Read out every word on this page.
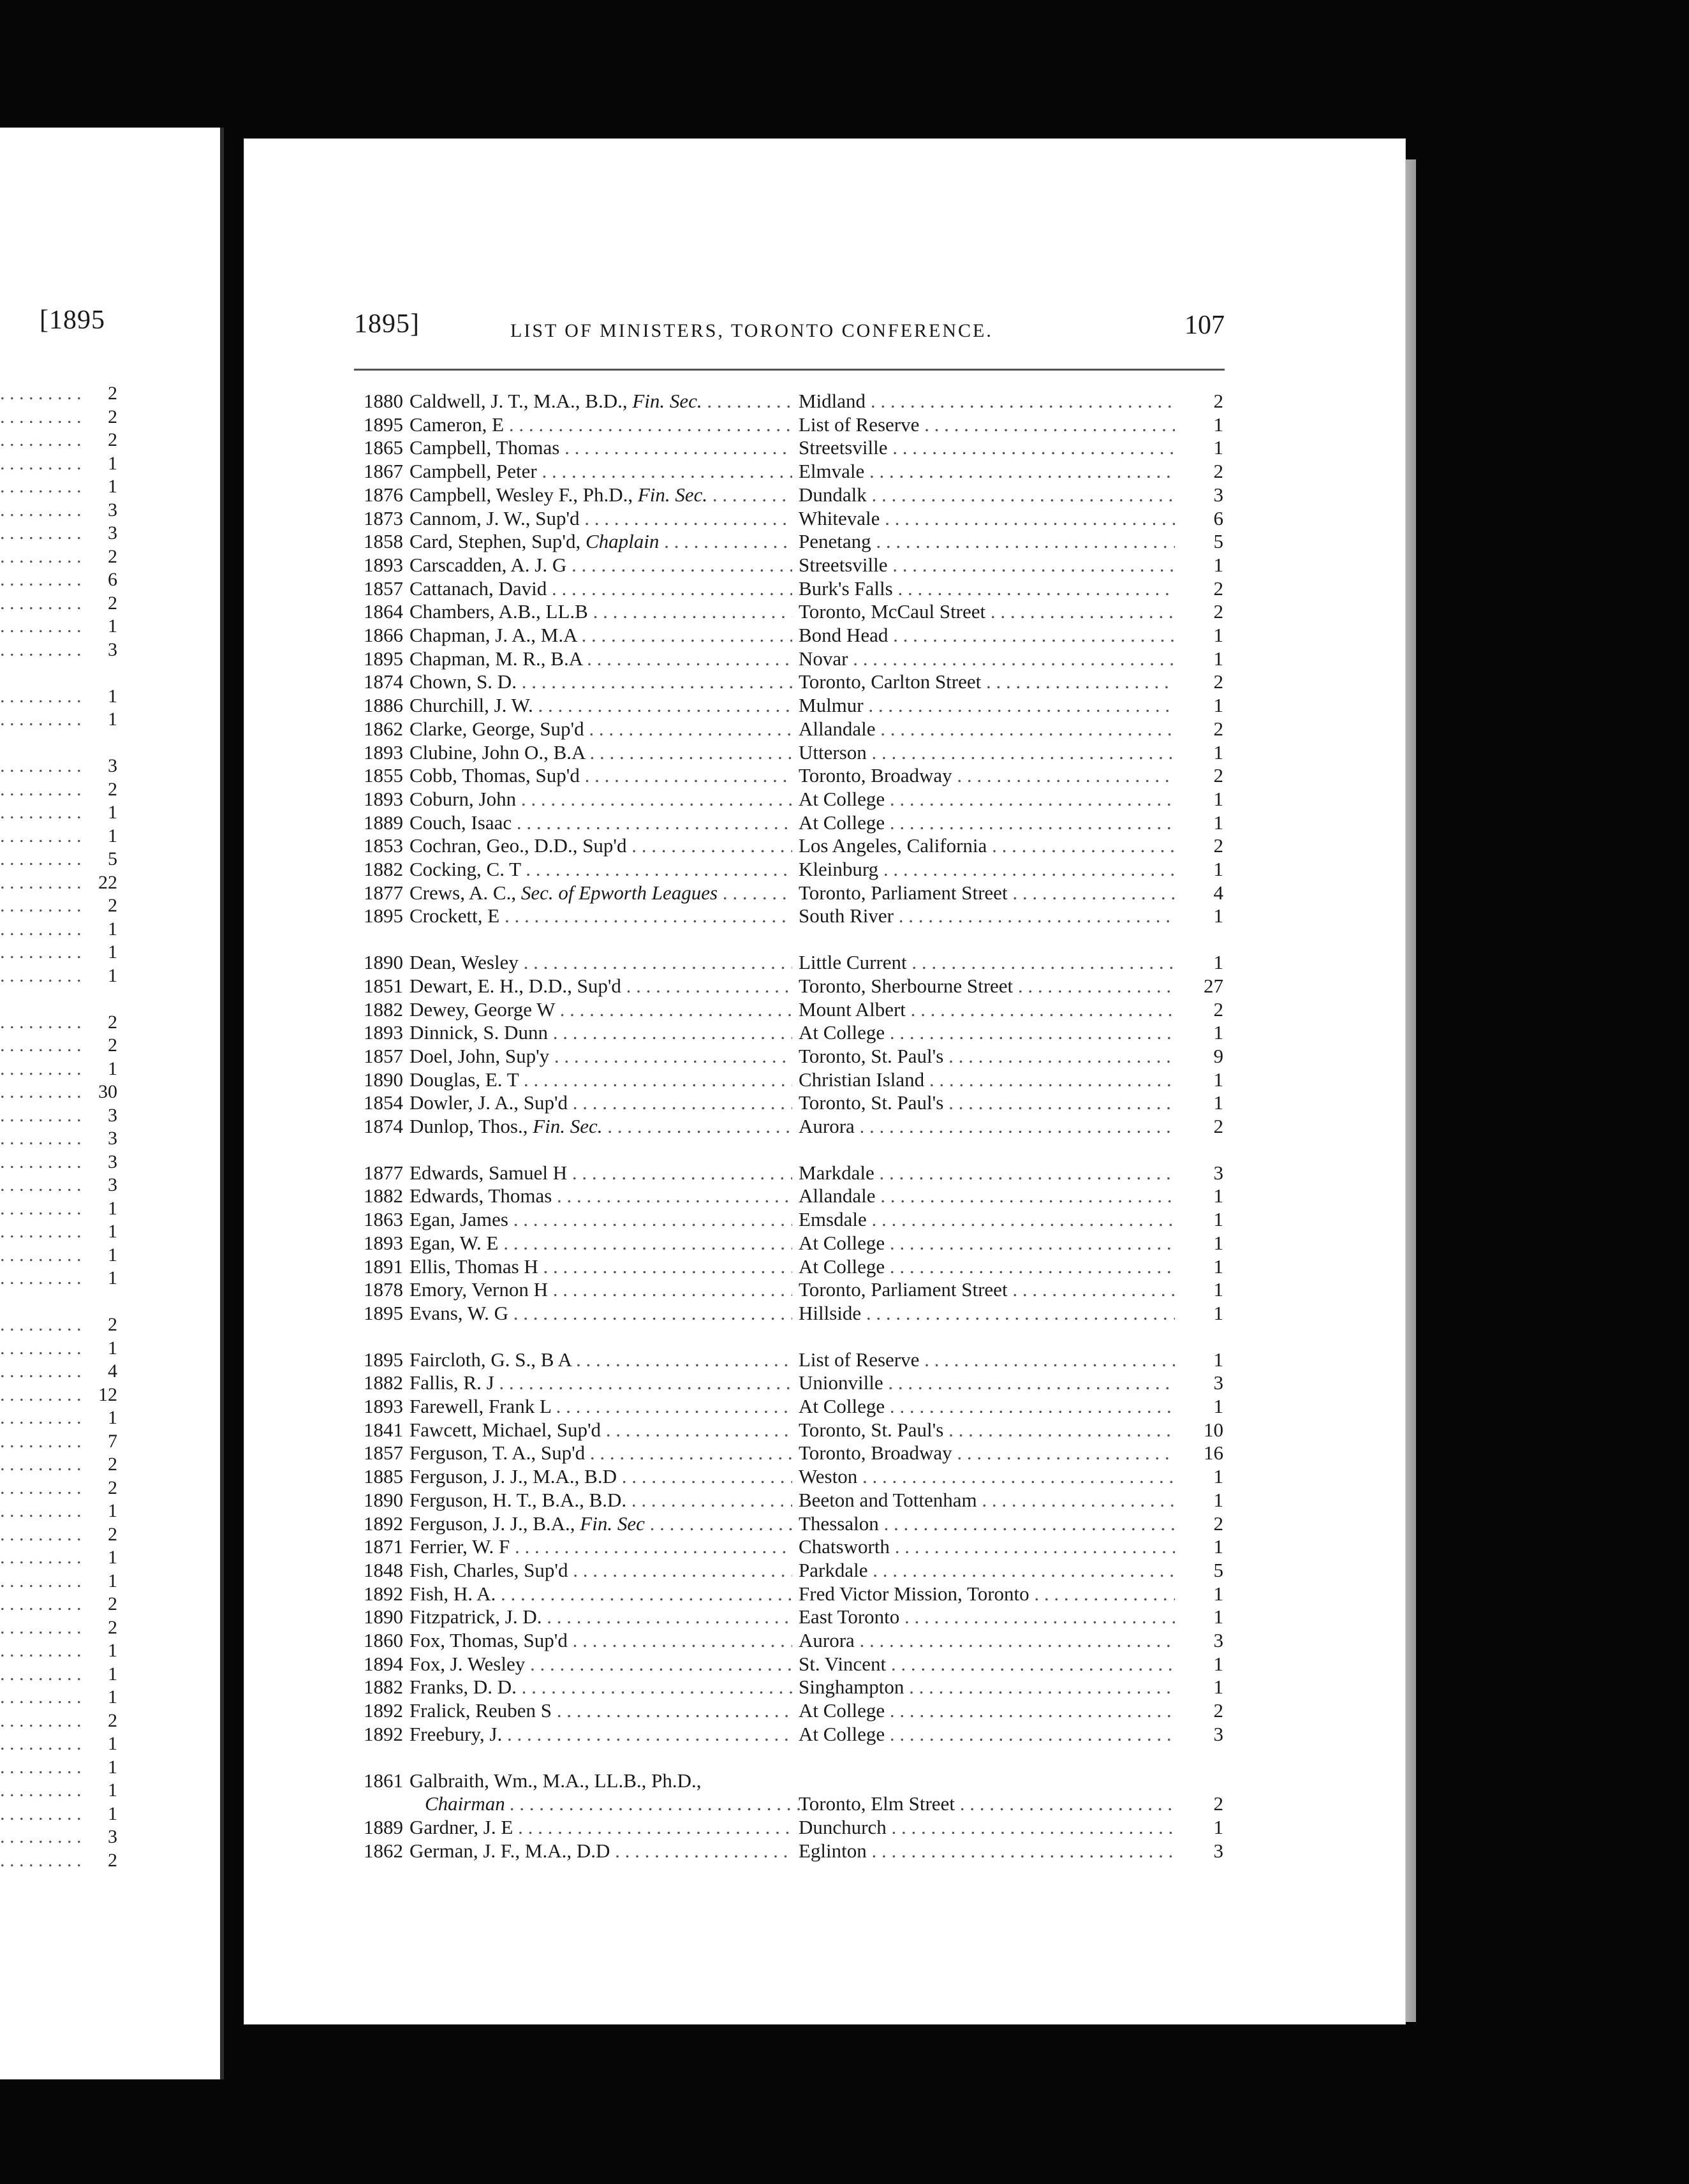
[1895
. . . . . . . . . 2
. . . . . . . . . 2
. . . . . . . . . 2
. . . . . . . . . 1
. . . . . . . . . 1
. . . . . . . . . 3
. . . . . . . . . 3
. . . . . . . . . 2
. . . . . . . . . 6
. . . . . . . . . 2
. . . . . . . . . 1
. . . . . . . . . 3
. . . . . . . . . 1
. . . . . . . . . 1
. . . . . . . . . 3
. . . . . . . . . 2
. . . . . . . . . 1
. . . . . . . . . 1
. . . . . . . . . 5
. . . . . . . . . 22
. . . . . . . . . 2
. . . . . . . . . 1
. . . . . . . . . 1
. . . . . . . . . 1
. . . . . . . . . 2
. . . . . . . . . 2
. . . . . . . . . 1
. . . . . . . . . 30
. . . . . . . . . 3
. . . . . . . . . 3
. . . . . . . . . 3
. . . . . . . . . 3
. . . . . . . . . 1
. . . . . . . . . 1
. . . . . . . . . 1
. . . . . . . . . 1
. . . . . . . . . 2
. . . . . . . . . 1
. . . . . . . . . 4
. . . . . . . . . 12
. . . . . . . . . 1
. . . . . . . . . 7
. . . . . . . . . 2
. . . . . . . . . 2
. . . . . . . . . 1
. . . . . . . . . 2
. . . . . . . . . 1
. . . . . . . . . 1
. . . . . . . . . 2
. . . . . . . . . 2
. . . . . . . . . 1
. . . . . . . . . 1
. . . . . . . . . 1
. . . . . . . . . 2
. . . . . . . . . 1
. . . . . . . . . 1
. . . . . . . . . 1
. . . . . . . . . 1
. . . . . . . . . 3
. . . . . . . . . 2
1895]	LIST OF MINISTERS, TORONTO CONFERENCE.	107
1880 Caldwell, J. T., M.A., B.D., Fin. Sec. . . .	Midland . . .	2
1895 Cameron, E . . .	List of Reserve . . .	1
1865 Campbell, Thomas . . .	Streetsville . . .	1
1867 Campbell, Peter . . .	Elmvale . . .	2
1876 Campbell, Wesley F., Ph.D., Fin. Sec. . . .	Dundalk . . .	3
1873 Cannom, J. W., Sup'd . . .	Whitevale . . .	6
1858 Card, Stephen, Sup'd, Chaplain . . .	Penetang . . .	5
1893 Carscadden, A. J. G . . .	Streetsville . . .	1
1857 Cattanach, David . . .	Burk's Falls . . .	2
1864 Chambers, A.B., LL.B . . .	Toronto, McCaul Street . . .	2
1866 Chapman, J. A., M.A . . .	Bond Head . . .	1
1895 Chapman, M. R., B.A . . .	Novar . . .	1
1874 Chown, S. D. . . .	Toronto, Carlton Street . . .	2
1886 Churchill, J. W. . . .	Mulmur . . .	1
1862 Clarke, George, Sup'd . . .	Allandale . . .	2
1893 Clubine, John O., B.A . . .	Utterson . . .	1
1855 Cobb, Thomas, Sup'd . . .	Toronto, Broadway . . .	2
1893 Coburn, John . . .	At College . . .	1
1889 Couch, Isaac . . .	At College . . .	1
1853 Cochran, Geo., D.D., Sup'd . . .	Los Angeles, California . . .	2
1882 Cocking, C. T . . .	Kleinburg . . .	1
1877 Crews, A. C., Sec. of Epworth Leagues . . .	Toronto, Parliament Street . . .	4
1895 Crockett, E . . .	South River . . .	1
1890 Dean, Wesley . . .	Little Current . . .	1
1851 Dewart, E. H., D.D., Sup'd . . .	Toronto, Sherbourne Street . . .	27
1882 Dewey, George W . . .	Mount Albert . . .	2
1893 Dinnick, S. Dunn . . .	At College . . .	1
1857 Doel, John, Sup'y . . .	Toronto, St. Paul's . . .	9
1890 Douglas, E. T . . .	Christian Island . . .	1
1854 Dowler, J. A., Sup'd . . .	Toronto, St. Paul's . . .	1
1874 Dunlop, Thos., Fin. Sec. . . .	Aurora . . .	2
1877 Edwards, Samuel H . . .	Markdale . . .	3
1882 Edwards, Thomas . . .	Allandale . . .	1
1863 Egan, James . . .	Emsdale . . .	1
1893 Egan, W. E . . .	At College . . .	1
1891 Ellis, Thomas H . . .	At College . . .	1
1878 Emory, Vernon H . . .	Toronto, Parliament Street . . .	1
1895 Evans, W. G . . .	Hillside . . .	1
1895 Faircloth, G. S., B A . . .	List of Reserve . . .	1
1882 Fallis, R. J . . .	Unionville . . .	3
1893 Farewell, Frank L . . .	At College . . .	1
1841 Fawcett, Michael, Sup'd . . .	Toronto, St. Paul's . . .	10
1857 Ferguson, T. A., Sup'd . . .	Toronto, Broadway . . .	16
1885 Ferguson, J. J., M.A., B.D . . .	Weston . . .	1
1890 Ferguson, H. T., B.A., B.D. . . .	Beeton and Tottenham . . .	1
1892 Ferguson, J. J., B.A., Fin. Sec . . .	Thessalon . . .	2
1871 Ferrier, W. F . . .	Chatsworth . . .	1
1848 Fish, Charles, Sup'd . . .	Parkdale . . .	5
1892 Fish, H. A. . . .	Fred Victor Mission, Toronto . . .	1
1890 Fitzpatrick, J. D. . . .	East Toronto . . .	1
1860 Fox, Thomas, Sup'd . . .	Aurora . . .	3
1894 Fox, J. Wesley . . .	St. Vincent . . .	1
1882 Franks, D. D. . . .	Singhampton . . .	1
1892 Fralick, Reuben S . . .	At College . . .	2
1892 Freebury, J. . . .	At College . . .	3
1861 Galbraith, Wm., M.A., LL.B., Ph.D.,
Chairman . . .	Toronto, Elm Street . . .	2
1889 Gardner, J. E . . .	Dunchurch . . .	1
1862 German, J. F., M.A., D.D . . .	Eglinton . . .	3
